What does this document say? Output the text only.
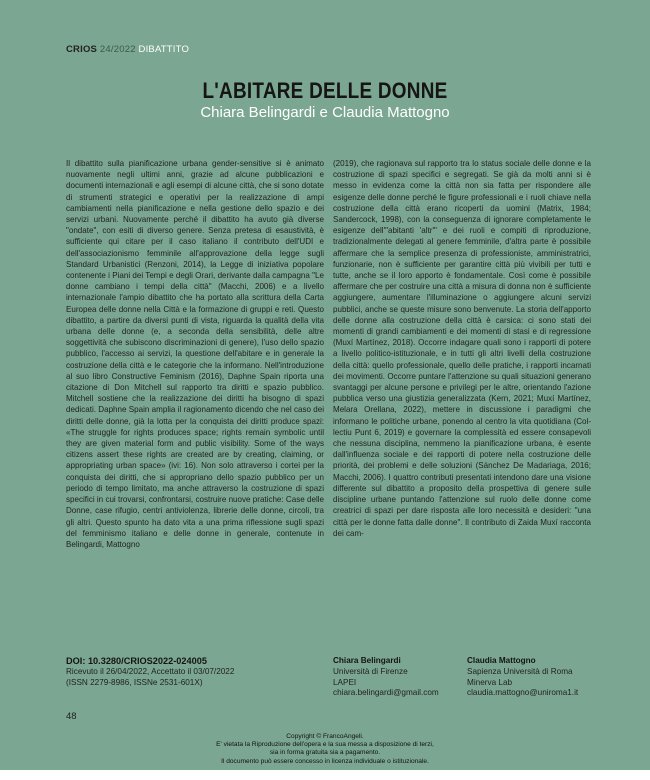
CRIOS 24/2022 DIBATTITO
L'ABITARE DELLE DONNE
Chiara Belingardi e Claudia Mattogno

Il dibattito sulla pianificazione urbana gender-sensitive si è animato nuovamente negli ultimi anni, grazie ad alcune pubblicazioni e documenti internazionali e agli esempi di alcune città, che si sono dotate di strumenti strategici e operativi per la realizzazione di ampi cambiamenti nella pianificazione e nella gestione dello spazio e dei servizi urbani. Nuovamente perché il dibattito ha avuto già diverse "ondate", con esiti di diverso genere. Senza pretesa di esaustività, è sufficiente qui citare per il caso italiano il contributo dell'UDI e dell'associazionismo femminile all'approvazione della legge sugli Standard Urbanistici (Renzoni, 2014), la Legge di iniziativa popolare contenente i Piani dei Tempi e degli Orari, derivante dalla campagna "Le donne cambiano i tempi della città" (Macchi, 2006) e a livello internazionale l'ampio dibattito che ha portato alla scrittura della Carta Europea delle donne nella Città e la formazione di gruppi e reti. Questo dibattito, a partire da diversi punti di vista, riguarda la qualità della vita urbana delle donne (e, a seconda della sensibilità, delle altre soggettività che subiscono discriminazioni di genere), l'uso dello spazio pubblico, l'accesso ai servizi, la questione dell'abitare e in generale la costruzione della città e le categorie che la informano. Nell'introduzione al suo libro Constructive Feminism (2016), Daphne Spain riporta una citazione di Don Mitchell sul rapporto tra diritti e spazio pubblico. Mitchell sostiene che la realizzazione dei diritti ha bisogno di spazi dedicati. Daphne Spain amplia il ragionamento dicendo che nel caso dei diritti delle donne, già la lotta per la conquista dei diritti produce spazi: «The struggle for rights produces space; rights remain symbolic until they are given material form and public visibility. Some of the ways citizens assert these rights are created are by creating, claiming, or appropriating urban space» (ivi: 16). Non solo attraverso i cortei per la conquista dei diritti, che si appropriano dello spazio pubblico per un periodo di tempo limitato, ma anche attraverso la costruzione di spazi specifici in cui trovarsi, confrontarsi, costruire nuove pratiche: Case delle Donne, case rifugio, centri antiviolenza, librerie delle donne, circoli, tra gli altri. Questo spunto ha dato vita a una prima riflessione sugli spazi del femminismo italiano e delle donne in generale, contenute in Belingardi, Mattogno

(2019), che ragionava sul rapporto tra lo status sociale delle donne e la costruzione di spazi specifici e segregati. Se già da molti anni si è messo in evidenza come la città non sia fatta per rispondere alle esigenze delle donne perché le figure professionali e i ruoli chiave nella costruzione della città erano ricoperti da uomini (Matrix, 1984; Sandercock, 1998), con la conseguenza di ignorare completamente le esigenze dell'"abitanti 'altr'" e dei ruoli e compiti di riproduzione, tradizionalmente delegati al genere femminile, d'altra parte è possibile affermare che la semplice presenza di professioniste, amministratrici, funzionarie, non è sufficiente per garantire città più vivibili per tutti e tutte, anche se il loro apporto è fondamentale. Così come è possibile affermare che per costruire una città a misura di donna non è sufficiente aggiungere, aumentare l'illuminazione o aggiungere alcuni servizi pubblici, anche se queste misure sono benvenute. La storia dell'apporto delle donne alla costruzione della città è carsica: ci sono stati dei momenti di grandi cambiamenti e dei momenti di stasi e di regressione (Muxí Martínez, 2018). Occorre indagare quali sono i rapporti di potere a livello politico-istituzionale, e in tutti gli altri livelli della costruzione della città: quello professionale, quello delle pratiche, i rapporti incarnati dei movimenti. Occorre puntare l'attenzione su quali situazioni generano svantaggi per alcune persone e privilegi per le altre, orientando l'azione pubblica verso una giustizia generalizzata (Kern, 2021; Muxí Martínez, Melara Orellana, 2022), mettere in discussione i paradigmi che informano le politiche urbane, ponendo al centro la vita quotidiana (Col-lectiu Punt 6, 2019) e governare la complessità ed essere consapevoli che nessuna disciplina, nemmeno la pianificazione urbana, è esente dall'influenza sociale e dei rapporti di potere nella costruzione delle priorità, dei problemi e delle soluzioni (Sánchez De Madariaga, 2016; Macchi, 2006). I quattro contributi presentati intendono dare una visione differente sul dibattito a proposito della prospettiva di genere sulle discipline urbane puntando l'attenzione sul ruolo delle donne come creatrici di spazi per dare risposta alle loro necessità e desideri: "una città per le donne fatta dalle donne". Il contributo di Zaida Muxí racconta dei cam-

DOI: 10.3280/CRIOS2022-024005
Ricevuto il 26/04/2022, Accettato il 03/07/2022
(ISSN 2279-8986, ISSNe 2531-601X)
Chiara Belingardi
Università di Firenze
LAPEI
chiara.belingardi@gmail.com
Claudia Mattogno
Sapienza Università di Roma
Minerva Lab
claudia.mattogno@uniroma1.it
48
Copyright © FrancoAngeli.
E' vietata la Riproduzione dell'opera e la sua messa a disposizione di terzi,
sia in forma gratuita sia a pagamento.
Il documento può essere concesso in licenza individuale o istituzionale.
